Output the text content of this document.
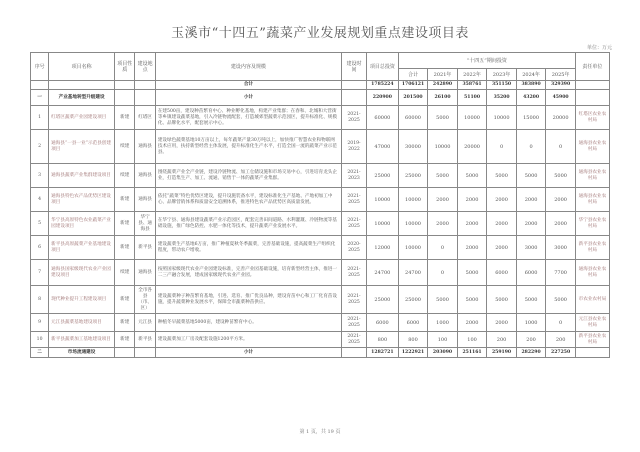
玉溪市“十四五”蔬菜产业发展规划重点建设项目表
单位：万元
序号	项目名称	项目性质	建设地点	建设内容及规模	建设时间	项目总投资	“十四五”期间投资						责任单位
							合计	2021年	2022年	2023年	2024年	2025年	
				合计		1785224	1706121	242890	358761	351150	383890	329390	
一	产业基地转型升级建设			小计		220900	201500	26100	51100	35200	43200	45900	
1	红塔区蔬菜产业园建设项目	新建	红塔区	在建500亩，建设种苗繁育中心、种业孵化基地，构建产业集群；在春和、北城和大营街等乡镇建设蔬菜基地，引入冷链物流配套，打造城郊型蔬菜示范园区，提升标准化、规模化、品牌化水平，配套展示中心。	2021-2025	60000	60000	5000	10000	10000	15000	20000	红塔区农业农村局
2	通海县“一县一业”示范县创建项目	续建	通海县	建设绿色蔬菜基地10万亩以上，每年蔬菜产量30万吨以上，加快推广智慧农业和物联网技术应用，扶持新型经营主体发展，提升标准化生产水平，打造全国一流的蔬菜产业示范县。	2019-2022	47000	30000	10000	20000	0	0	0	通海县农业农村局
3	通海县蔬菜产业集群建设项目	续建	通海县	围绕蔬菜产业全产业链，建设冷链物流、加工仓储设施和市场交易中心，引进培育龙头企业，打造集生产、加工、流通、销售于一体的蔬菜产业集群。	2021-2023	25000	25000	5000	5000	5000	5000	5000	通海县农业农村局
4	通海县特色农产品优势区建设项目	新建	通海县	依托“蔬菜”特色优势区建设，提升设施装备水平，建设标准化生产基地、产地初加工中心、品牌营销体系和质量安全追溯体系，推进特色农产品优势区高质量发展。	2021-2025	10000	10000	2000	2000	2000	2000	2000	通海县农业农村局
5	华宁县高原特色农业蔬菜产业园建设项目	新建	华宁县、通海县	在华宁县、通海县建设蔬菜产业示范园区，配套完善田间道路、水利灌溉、冷链物流等基础设施，推广绿色防控、水肥一体化等技术，提升蔬菜产业发展水平。	2021-2025	10000	10000	2000	2000	2000	2000	2000	华宁县农业农村局
6	新平县高原蔬菜产业基地建设项目	新建	新平县	建设蔬菜生产基地6万亩，推广种植夏秋冬季蔬菜，完善基础设施，提高蔬菜生产组织化程度，带动农户增收。	2020-2025	12000	10000	0	2000	2000	3000	3000	新平县农业农村局
7	通海县国家级现代农业产业园建设项目	续建	通海县	按照国家级现代农业产业园建设标准，完善产业园基础设施，培育新型经营主体，推进一二三产融合发展，建成国家级现代农业产业园。	2021-2025	24700	24700	0	5000	6000	6000	7700	通海县农业农村局
8	现代种业提升工程建设项目	新建	全市各县（市、区）	建设蔬菜种子种苗繁育基地，引进、选育、推广优良品种，建设育苗中心和工厂化育苗设施，提升蔬菜种业发展水平，保障全市蔬菜种苗供应。	2021-2025	25000	25000	5000	5000	5000	5000	5000	市农业农村局
9	元江县蔬菜基地建设项目	新建	元江县	种植冬早蔬菜基地5000亩，建设种苗繁育中心。	2021-2025	6000	6000	1000	2000	2000	1000	0	元江县农业农村局
10	新平县蔬菜加工基地建设项目	新建	新平县	建设蔬菜加工厂房及配套设施1200平方米。	2021-2025	800	800	100	100	200	200	200	新平县农业农村局
二	市场流通建设			小计		1282721	1222921	203090	251161	259190	282290	227250	
第 1 页，共 19 页
